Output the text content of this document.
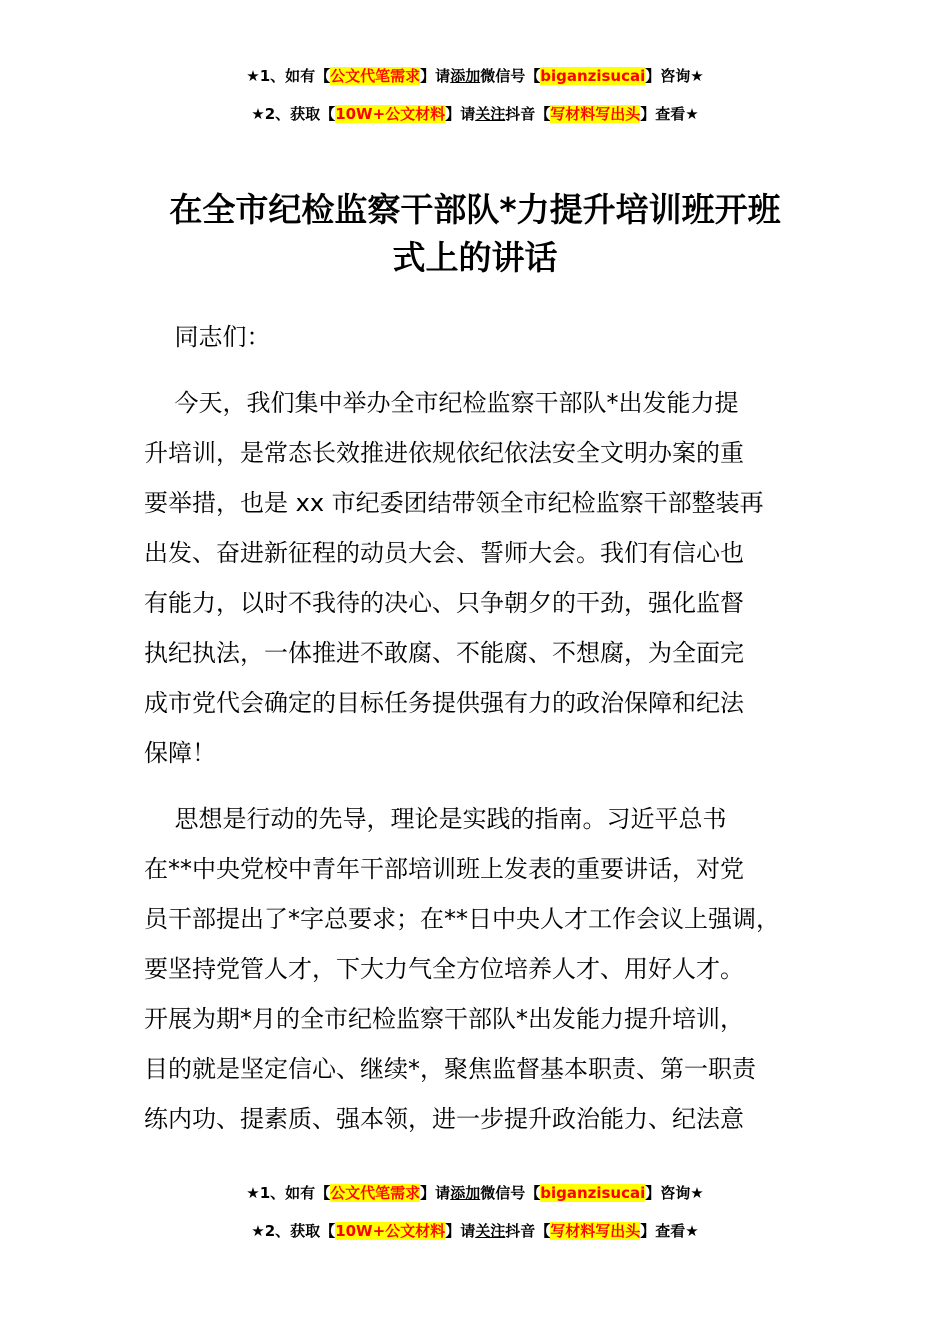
★1、如有【公文代笔需求】请添加微信号【biganzisucai】咨询★
★2、获取【10W+公文材料】请关注抖音【写材料写出头】查看★
在全市纪检监察干部队*力提升培训班开班
式上的讲话
同志们：
今天，我们集中举办全市纪检监察干部队*出发能力提
升培训，是常态长效推进依规依纪依法安全文明办案的重
要举措，也是 xx 市纪委团结带领全市纪检监察干部整装再
出发、奋进新征程的动员大会、誓师大会。我们有信心也
有能力，以时不我待的决心、只争朝夕的干劲，强化监督
执纪执法，一体推进不敢腐、不能腐、不想腐，为全面完
成市党代会确定的目标任务提供强有力的政治保障和纪法
保障！
思想是行动的先导，理论是实践的指南。习近平总书
在**中央党校中青年干部培训班上发表的重要讲话，对党
员干部提出了*字总要求；在**日中央人才工作会议上强调，
要坚持党管人才，下大力气全方位培养人才、用好人才。
开展为期*月的全市纪检监察干部队*出发能力提升培训，
目的就是坚定信心、继续*，聚焦监督基本职责、第一职责
练内功、提素质、强本领，进一步提升政治能力、纪法意
★1、如有【公文代笔需求】请添加微信号【biganzisucai】咨询★
★2、获取【10W+公文材料】请关注抖音【写材料写出头】查看★
